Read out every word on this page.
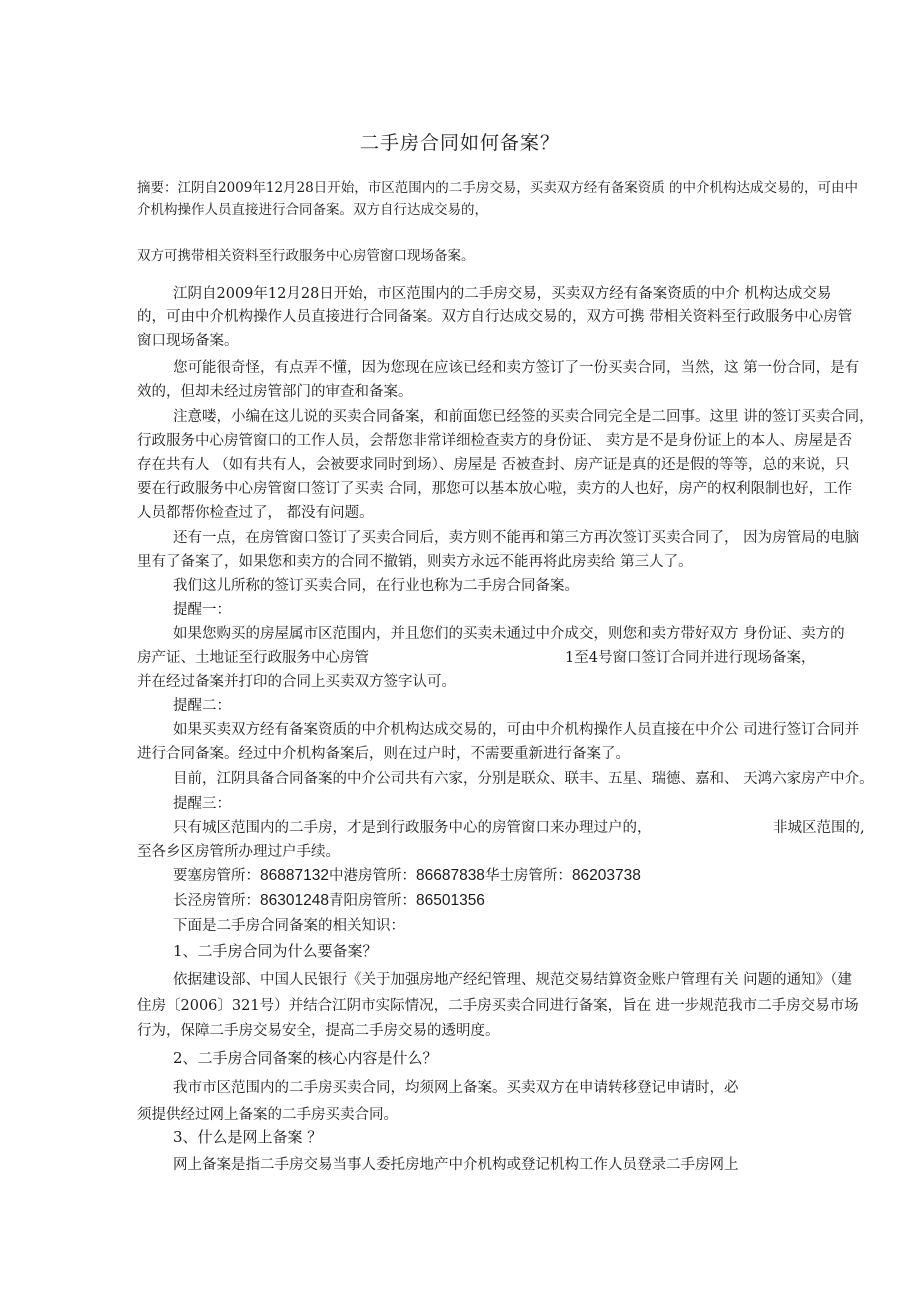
二手房合同如何备案？
摘要：江阴自2009年12月28日开始，市区范围内的二手房交易，买卖双方经有备案资质 的中介机构达成交易的，可由中
介机构操作人员直接进行合同备案。双方自行达成交易的，
双方可携带相关资料至行政服务中心房管窗口现场备案。
江阴自2009年12月28日开始，市区范围内的二手房交易，买卖双方经有备案资质的中介 机构达成交易
的，可由中介机构操作人员直接进行合同备案。双方自行达成交易的，双方可携 带相关资料至行政服务中心房管
窗口现场备案。
您可能很奇怪，有点弄不懂，因为您现在应该已经和卖方签订了一份买卖合同，当然，这 第一份合同，是有
效的，但却未经过房管部门的审查和备案。
注意喽，小编在这儿说的买卖合同备案，和前面您已经签的买卖合同完全是二回事。这里 讲的签订买卖合同，
行政服务中心房管窗口的工作人员，会帮您非常详细检查卖方的身份证、 卖方是不是身份证上的本人、房屋是否
存在共有人 （如有共有人，会被要求同时到场）、房屋是 否被查封、房产证是真的还是假的等等，总的来说，只
要在行政服务中心房管窗口签订了买卖 合同，那您可以基本放心啦，卖方的人也好，房产的权利限制也好，工作
人员都帮你检查过了， 都没有问题。
还有一点，在房管窗口签订了买卖合同后，卖方则不能再和第三方再次签订买卖合同了， 因为房管局的电脑
里有了备案了，如果您和卖方的合同不撤销，则卖方永远不能再将此房卖给 第三人了。
我们这儿所称的签订买卖合同，在行业也称为二手房合同备案。
提醒一：
如果您购买的房屋属市区范围内，并且您们的买卖未通过中介成交，则您和卖方带好双方 身份证、卖方的
房产证、土地证至行政服务中心房管	1至4号窗口签订合同并进行现场备案，
并在经过备案并打印的合同上买卖双方签字认可。
提醒二：
如果买卖双方经有备案资质的中介机构达成交易的，可由中介机构操作人员直接在中介公 司进行签订合同并
进行合同备案。经过中介机构备案后，则在过户时，不需要重新进行备案了。
目前，江阴具备合同备案的中介公司共有六家，分别是联众、联丰、五星、瑞德、嘉和、 天鸿六家房产中介。
提醒三：
只有城区范围内的二手房，才是到行政服务中心的房管窗口来办理过户的，	非城区范围的,
至各乡区房管所办理过户手续。
要塞房管所：86887132中港房管所：86687838华士房管所：86203738
长泾房管所：86301248青阳房管所：86501356
下面是二手房合同备案的相关知识：
1、二手房合同为什么要备案？
依据建设部、中国人民银行《关于加强房地产经纪管理、规范交易结算资金账户管理有关 问题的通知》（建
住房〔2006〕321号）并结合江阴市实际情况，二手房买卖合同进行备案，旨在 进一步规范我市二手房交易市场
行为，保障二手房交易安全，提高二手房交易的透明度。
2、二手房合同备案的核心内容是什么？
我市市区范围内的二手房买卖合同，均须网上备案。买卖双方在申请转移登记申请时，必
须提供经过网上备案的二手房买卖合同。
3、什么是网上备案 ？
网上备案是指二手房交易当事人委托房地产中介机构或登记机构工作人员登录二手房网上
